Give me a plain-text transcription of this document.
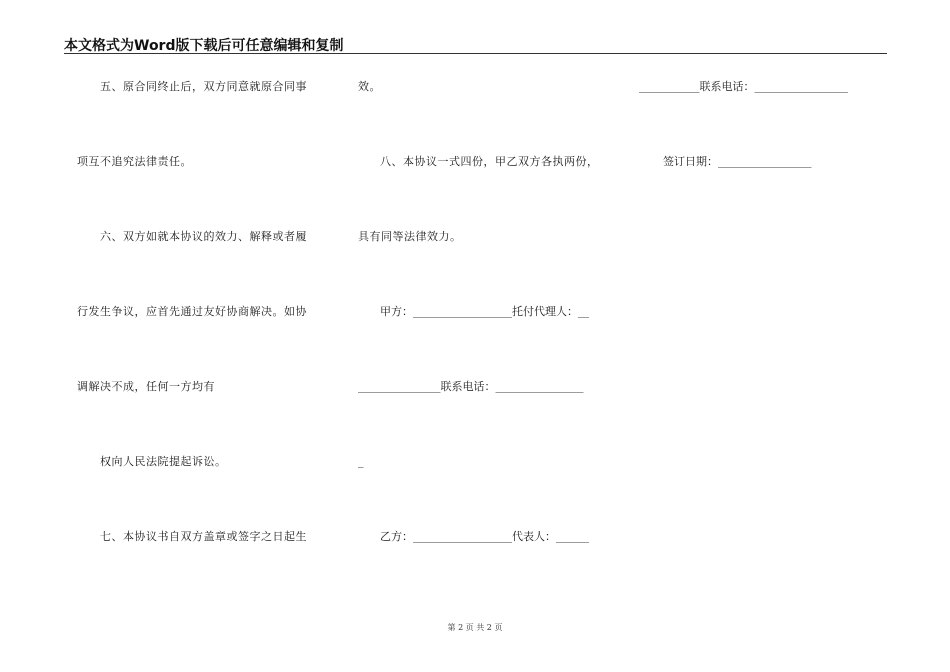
本文格式为Word版下载后可任意编辑和复制
五、原合同终止后，双方同意就原合同事
项互不追究法律责任。
六、双方如就本协议的效力、解释或者履
行发生争议，应首先通过友好协商解决。如协
调解决不成，任何一方均有
权向人民法院提起诉讼。
七、本协议书自双方盖章或签字之日起生
效。
八、本协议一式四份，甲乙双方各执两份，
具有同等法律效力。
甲方：__________________托付代理人：__
_______________联系电话：________________
_
乙方：__________________代表人：______
___________联系电话：_________________
签订日期：_________________
第 2 页 共 2 页
